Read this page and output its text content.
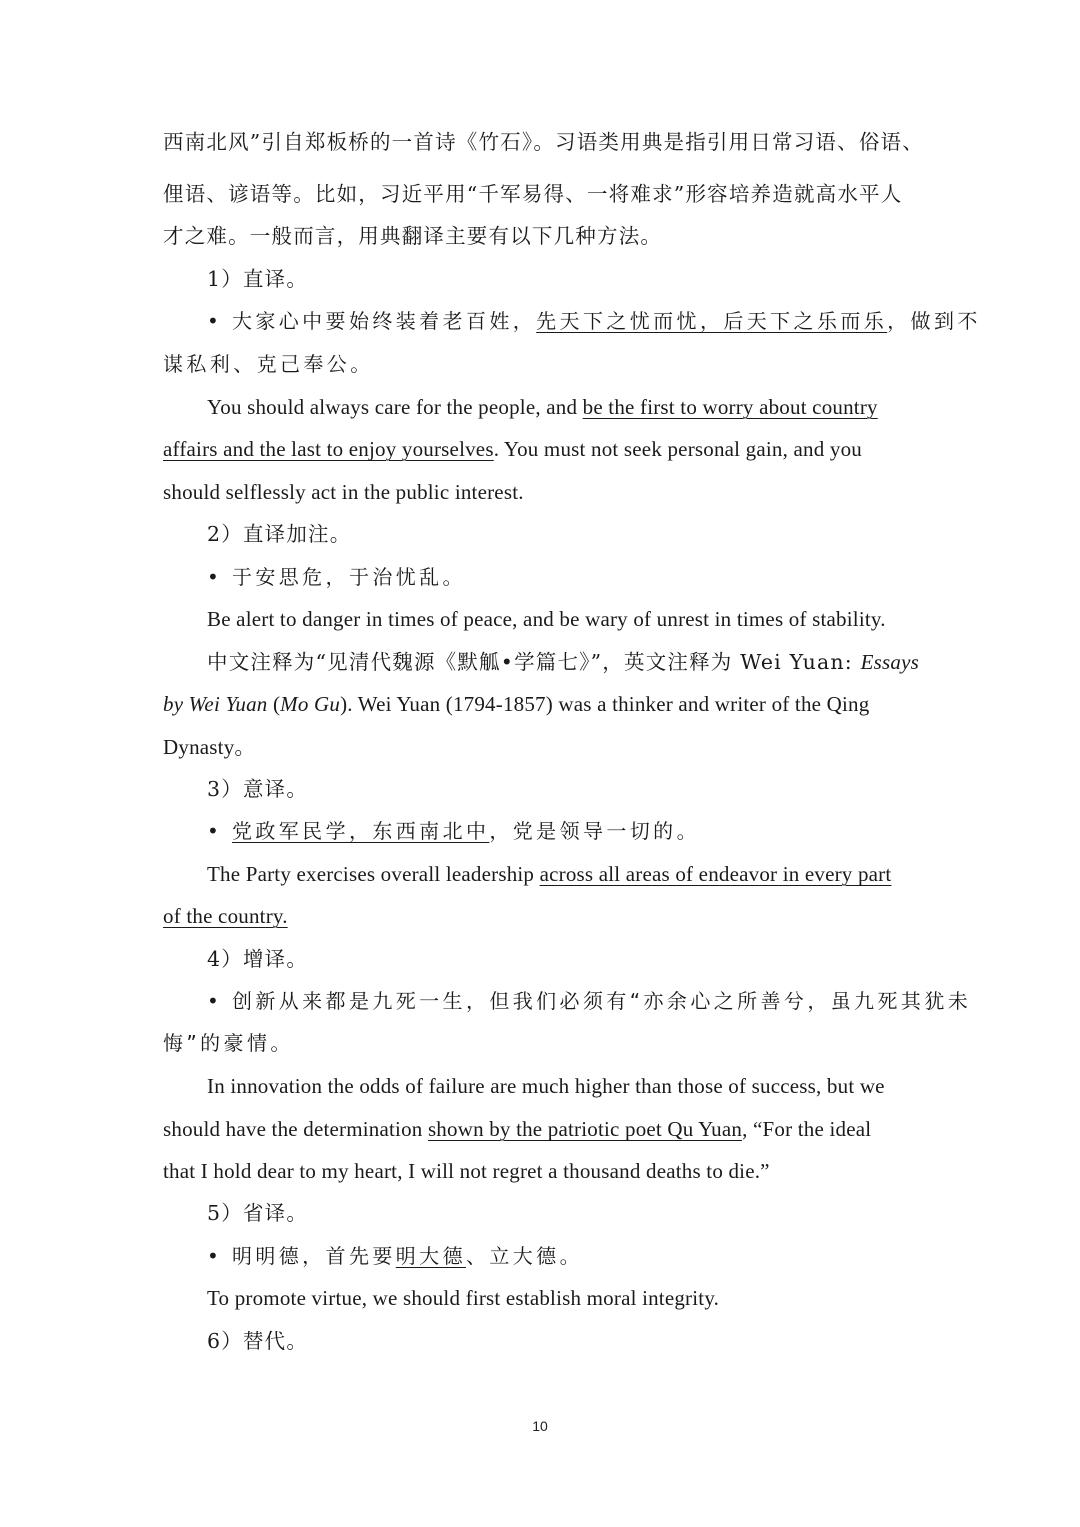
西南北风”引自郑板桥的一首诗《竹石》。习语类用典是指引用日常习语、俗语、
俚语、谚语等。比如，习近平用“千军易得、一将难求”形容培养造就高水平人
才之难。一般而言，用典翻译主要有以下几种方法。
1）直译。
• 大家心中要始终装着老百姓，先天下之忧而忧，后天下之乐而乐，做到不
谋私利、克己奉公。
You should always care for the people, and be the first to worry about country
affairs and the last to enjoy yourselves. You must not seek personal gain, and you
should selflessly act in the public interest.
2）直译加注。
• 于安思危，于治忧乱。
Be alert to danger in times of peace, and be wary of unrest in times of stability.
中文注释为“见清代魏源《默觚•学篇七》”，英文注释为 Wei Yuan: Essays
by Wei Yuan (Mo Gu). Wei Yuan (1794-1857) was a thinker and writer of the Qing
Dynasty。
3）意译。
• 党政军民学，东西南北中，党是领导一切的。
The Party exercises overall leadership across all areas of endeavor in every part
of the country.
4）增译。
• 创新从来都是九死一生，但我们必须有“亦余心之所善兮，虽九死其犹未
悔”的豪情。
In innovation the odds of failure are much higher than those of success, but we
should have the determination shown by the patriotic poet Qu Yuan, “For the ideal
that I hold dear to my heart, I will not regret a thousand deaths to die.”
5）省译。
• 明明德，首先要明大德、立大德。
To promote virtue, we should first establish moral integrity.
6）替代。
10
